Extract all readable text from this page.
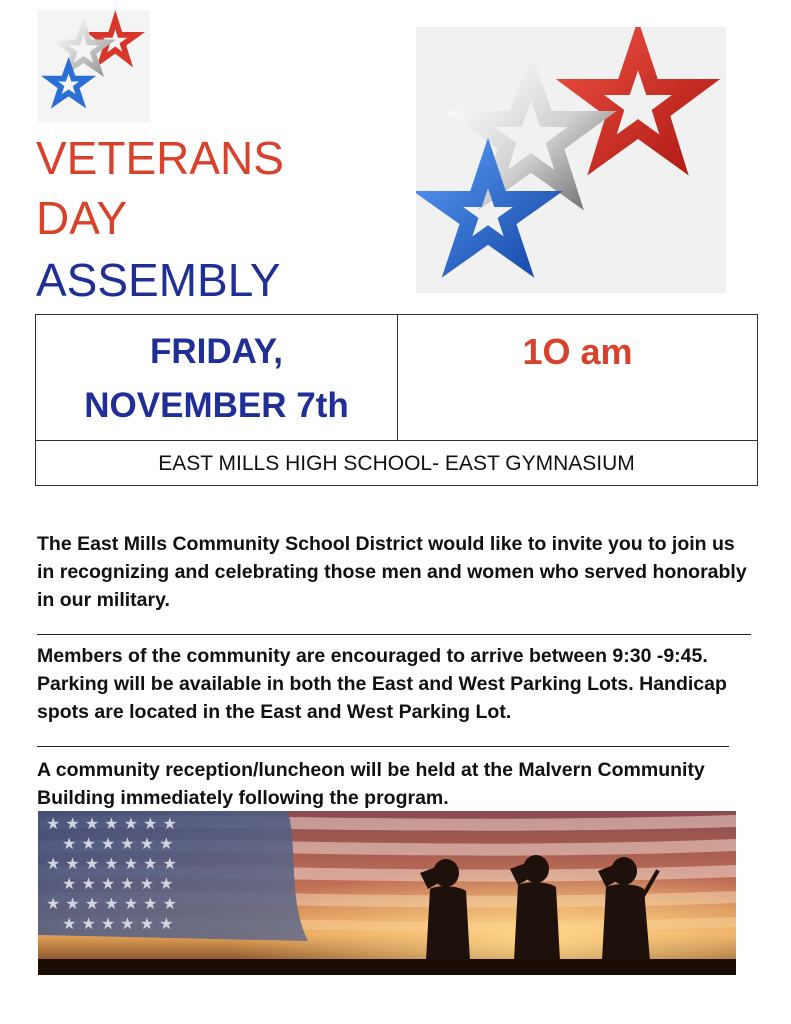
VETERANS
DAY
ASSEMBLY
FRIDAY,
NOVEMBER 7th
1O am
EAST MILLS HIGH SCHOOL- EAST GYMNASIUM
The East Mills Community School District would like to invite you to join us in recognizing and celebrating those men and women who served honorably in our military.
Members of the community are encouraged to arrive between 9:30 -9:45. Parking will be available in both the East and West Parking Lots. Handicap spots are located in the East and West Parking Lot.
A community reception/luncheon will be held at the Malvern Community Building immediately following the program.
★ ★ ★ ★ ★ ★ ★
★ ★ ★ ★ ★ ★
★ ★ ★ ★ ★ ★ ★
★ ★ ★ ★ ★ ★
★ ★ ★ ★ ★ ★ ★
★ ★ ★ ★ ★ ★
